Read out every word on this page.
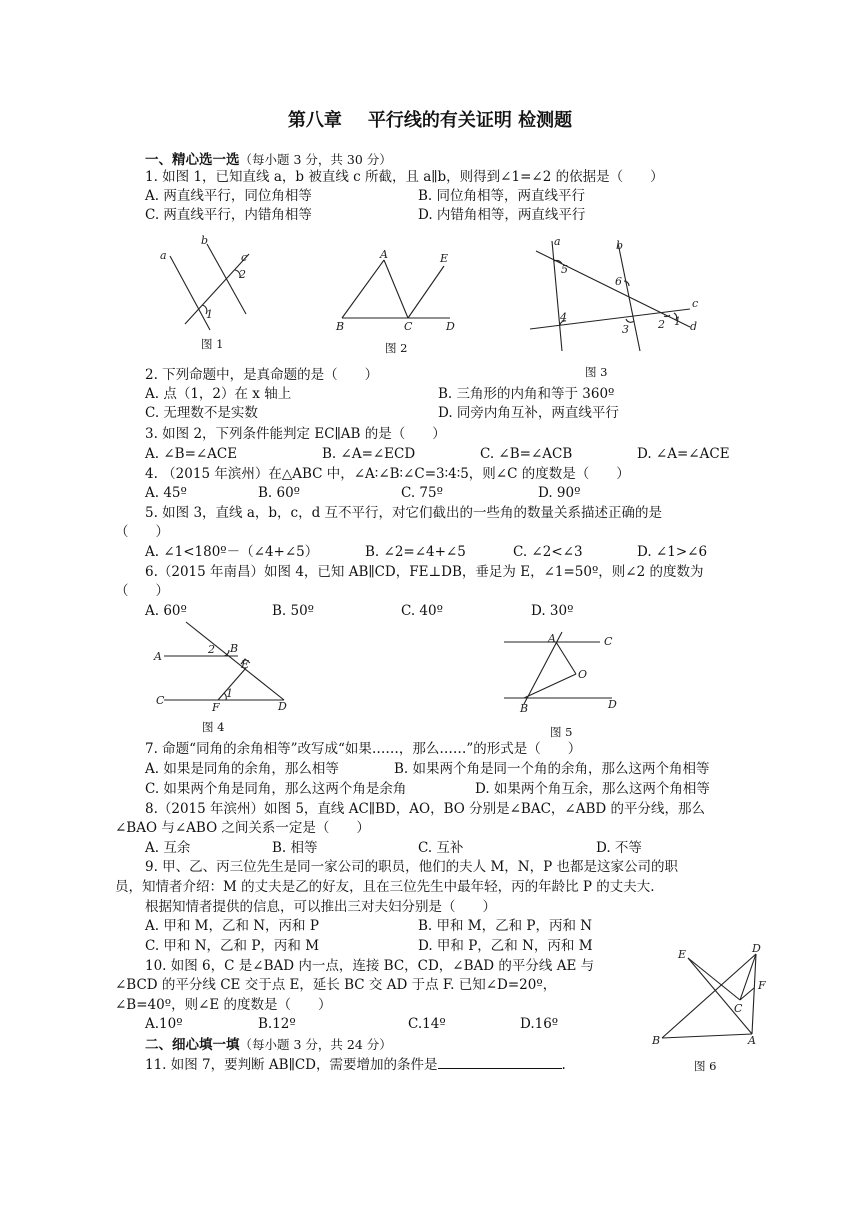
第八章 平行线的有关证明 检测题
一、精心选一选（每小题 3 分，共 30 分）
1. 如图 1，已知直线 a，b 被直线 c 所截，且 a∥b，则得到∠1=∠2 的依据是（　　）
A. 两直线平行，同位角相等	B. 同位角相等，两直线平行
C. 两直线平行，内错角相等	D. 内错角相等，两直线平行
a
b
c
2
1
图 1
A	E
B	C	D
图 2
a	b
5
6
c
4
3	2 1 d
图 3
2. 下列命题中，是真命题的是（　　）
A. 点（1，2）在 x 轴上	B. 三角形的内角和等于 360º
C. 无理数不是实数	D. 同旁内角互补，两直线平行
3. 如图 2，下列条件能判定 EC∥AB 的是（　　）
A. ∠B=∠ACE	B. ∠A=∠ECD	C. ∠B=∠ACB	D. ∠A=∠ACE
4. （2015 年滨州）在△ABC 中，∠A∶∠B∶∠C=3∶4∶5，则∠C 的度数是（　　）
A. 45º	B. 60º	C. 75º	D. 90º
5. 如图 3，直线 a，b，c，d 互不平行，对它们截出的一些角的数量关系描述正确的是
（　　）
A. ∠1<180º－（∠4+∠5）	B. ∠2=∠4+∠5	C. ∠2<∠3	D. ∠1>∠6
6.（2015 年南昌）如图 4，已知 AB∥CD，FE⊥DB，垂足为 E，∠1=50º，则∠2 的度数为
（　　）
A. 60º	B. 50º	C. 40º	D. 30º
A
2 B
E
1
C
F	D
图 4
A	C
O
B	D
图 5
7. 命题“同角的余角相等”改写成“如果……，那么……”的形式是（　　）
A. 如果是同角的余角，那么相等	B. 如果两个角是同一个角的余角，那么这两个角相等
C. 如果两个角是同角，那么这两个角是余角	D. 如果两个角互余，那么这两个角相等
8.（2015 年滨州）如图 5，直线 AC∥BD，AO，BO 分别是∠BAC，∠ABD 的平分线，那么
∠BAO 与∠ABO 之间关系一定是（　　）
A. 互余	B. 相等	C. 互补	D. 不等
9. 甲、乙、丙三位先生是同一家公司的职员，他们的夫人 M，N，P 也都是这家公司的职
员，知情者介绍：M 的丈夫是乙的好友，且在三位先生中最年轻，丙的年龄比 P 的丈夫大.
根据知情者提供的信息，可以推出三对夫妇分别是（　　）
A. 甲和 M，乙和 N，丙和 P	B. 甲和 M，乙和 P，丙和 N
C. 甲和 N，乙和 P，丙和 M	D. 甲和 P，乙和 N，丙和 M
10. 如图 6，C 是∠BAD 内一点，连接 BC，CD，∠BAD 的平分线 AE 与
∠BCD 的平分线 CE 交于点 E，延长 BC 交 AD 于点 F. 已知∠D=20º，
∠B=40º，则∠E 的度数是（　　）
A.10º	B.12º	C.14º	D.16º
E	D
F
C
B	A
图 6
二、细心填一填（每小题 3 分，共 24 分）
11. 如图 7，要判断 AB∥CD，需要增加的条件是	.
